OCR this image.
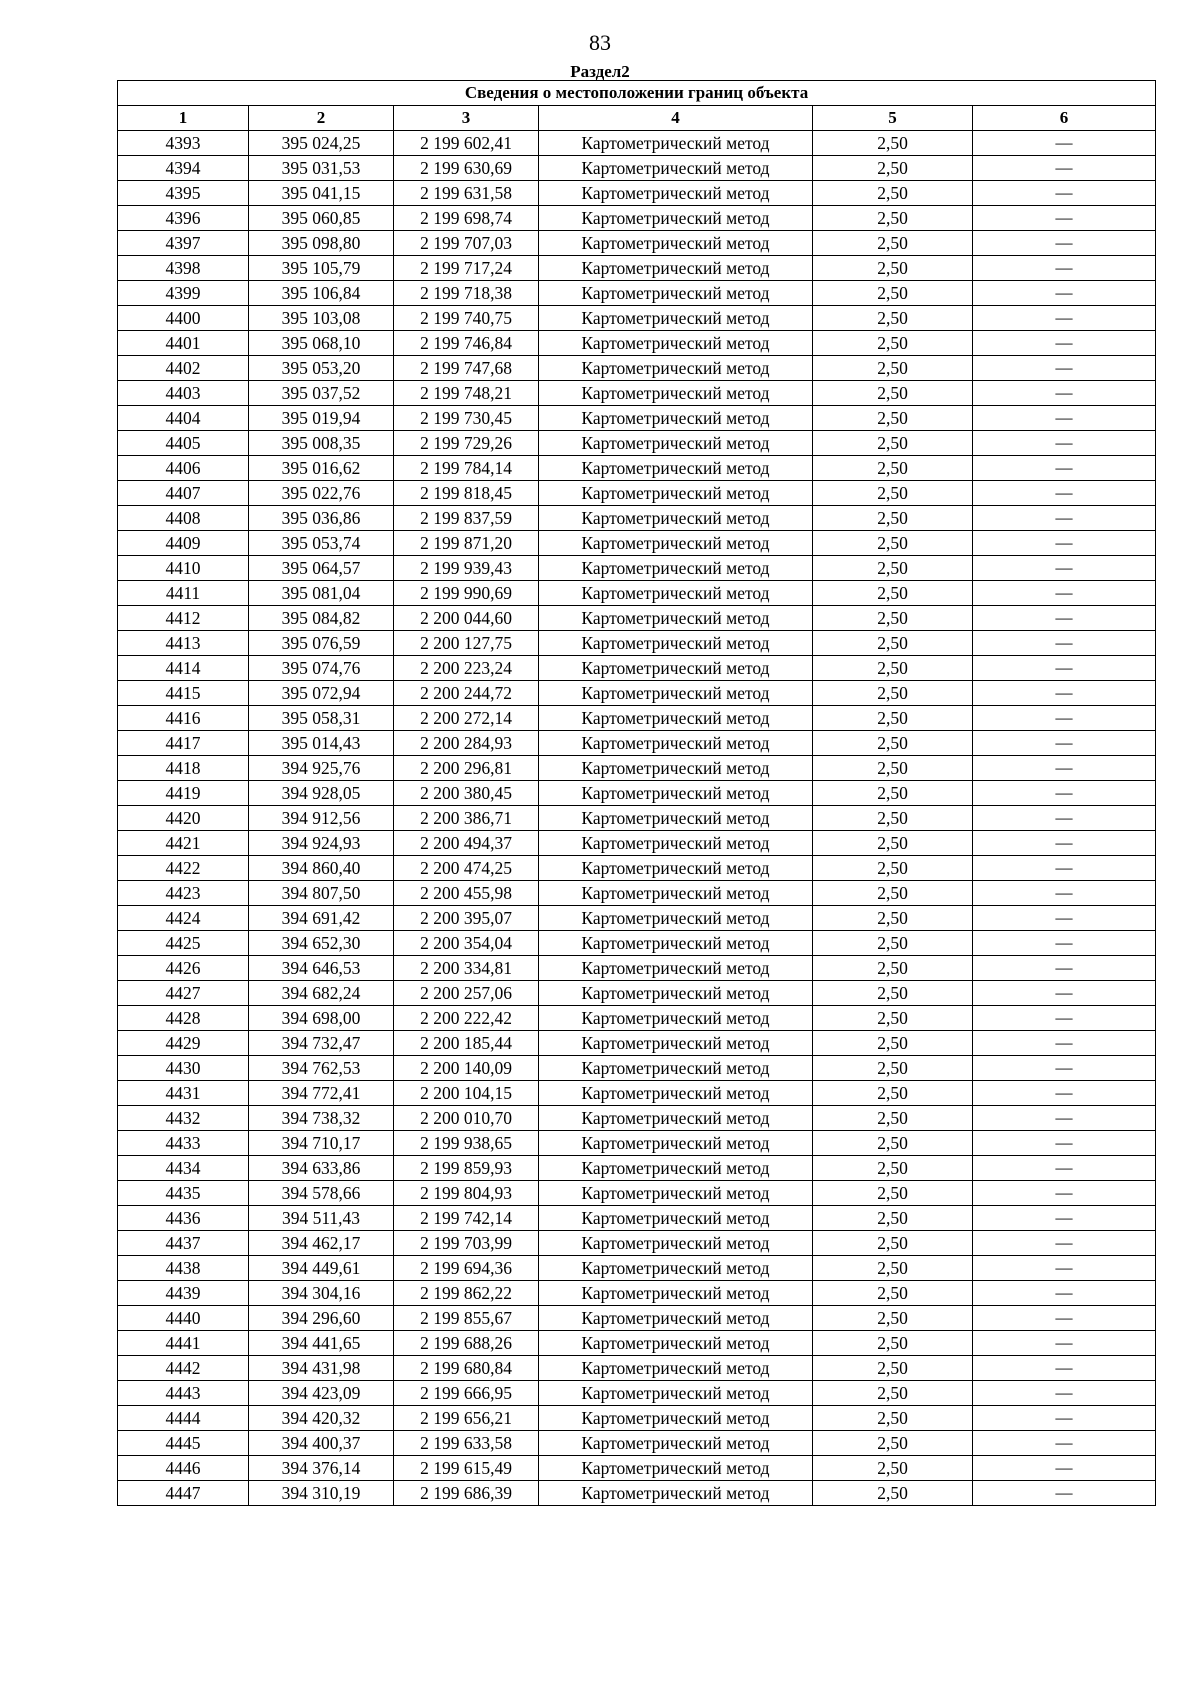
83
Раздел2
Сведения о местоположении границ объекта					
1	2	3	4	5	6
4393	395 024,25	2 199 602,41	Картометрический метод	2,50	—
4394	395 031,53	2 199 630,69	Картометрический метод	2,50	—
4395	395 041,15	2 199 631,58	Картометрический метод	2,50	—
4396	395 060,85	2 199 698,74	Картометрический метод	2,50	—
4397	395 098,80	2 199 707,03	Картометрический метод	2,50	—
4398	395 105,79	2 199 717,24	Картометрический метод	2,50	—
4399	395 106,84	2 199 718,38	Картометрический метод	2,50	—
4400	395 103,08	2 199 740,75	Картометрический метод	2,50	—
4401	395 068,10	2 199 746,84	Картометрический метод	2,50	—
4402	395 053,20	2 199 747,68	Картометрический метод	2,50	—
4403	395 037,52	2 199 748,21	Картометрический метод	2,50	—
4404	395 019,94	2 199 730,45	Картометрический метод	2,50	—
4405	395 008,35	2 199 729,26	Картометрический метод	2,50	—
4406	395 016,62	2 199 784,14	Картометрический метод	2,50	—
4407	395 022,76	2 199 818,45	Картометрический метод	2,50	—
4408	395 036,86	2 199 837,59	Картометрический метод	2,50	—
4409	395 053,74	2 199 871,20	Картометрический метод	2,50	—
4410	395 064,57	2 199 939,43	Картометрический метод	2,50	—
4411	395 081,04	2 199 990,69	Картометрический метод	2,50	—
4412	395 084,82	2 200 044,60	Картометрический метод	2,50	—
4413	395 076,59	2 200 127,75	Картометрический метод	2,50	—
4414	395 074,76	2 200 223,24	Картометрический метод	2,50	—
4415	395 072,94	2 200 244,72	Картометрический метод	2,50	—
4416	395 058,31	2 200 272,14	Картометрический метод	2,50	—
4417	395 014,43	2 200 284,93	Картометрический метод	2,50	—
4418	394 925,76	2 200 296,81	Картометрический метод	2,50	—
4419	394 928,05	2 200 380,45	Картометрический метод	2,50	—
4420	394 912,56	2 200 386,71	Картометрический метод	2,50	—
4421	394 924,93	2 200 494,37	Картометрический метод	2,50	—
4422	394 860,40	2 200 474,25	Картометрический метод	2,50	—
4423	394 807,50	2 200 455,98	Картометрический метод	2,50	—
4424	394 691,42	2 200 395,07	Картометрический метод	2,50	—
4425	394 652,30	2 200 354,04	Картометрический метод	2,50	—
4426	394 646,53	2 200 334,81	Картометрический метод	2,50	—
4427	394 682,24	2 200 257,06	Картометрический метод	2,50	—
4428	394 698,00	2 200 222,42	Картометрический метод	2,50	—
4429	394 732,47	2 200 185,44	Картометрический метод	2,50	—
4430	394 762,53	2 200 140,09	Картометрический метод	2,50	—
4431	394 772,41	2 200 104,15	Картометрический метод	2,50	—
4432	394 738,32	2 200 010,70	Картометрический метод	2,50	—
4433	394 710,17	2 199 938,65	Картометрический метод	2,50	—
4434	394 633,86	2 199 859,93	Картометрический метод	2,50	—
4435	394 578,66	2 199 804,93	Картометрический метод	2,50	—
4436	394 511,43	2 199 742,14	Картометрический метод	2,50	—
4437	394 462,17	2 199 703,99	Картометрический метод	2,50	—
4438	394 449,61	2 199 694,36	Картометрический метод	2,50	—
4439	394 304,16	2 199 862,22	Картометрический метод	2,50	—
4440	394 296,60	2 199 855,67	Картометрический метод	2,50	—
4441	394 441,65	2 199 688,26	Картометрический метод	2,50	—
4442	394 431,98	2 199 680,84	Картометрический метод	2,50	—
4443	394 423,09	2 199 666,95	Картометрический метод	2,50	—
4444	394 420,32	2 199 656,21	Картометрический метод	2,50	—
4445	394 400,37	2 199 633,58	Картометрический метод	2,50	—
4446	394 376,14	2 199 615,49	Картометрический метод	2,50	—
4447	394 310,19	2 199 686,39	Картометрический метод	2,50	—
